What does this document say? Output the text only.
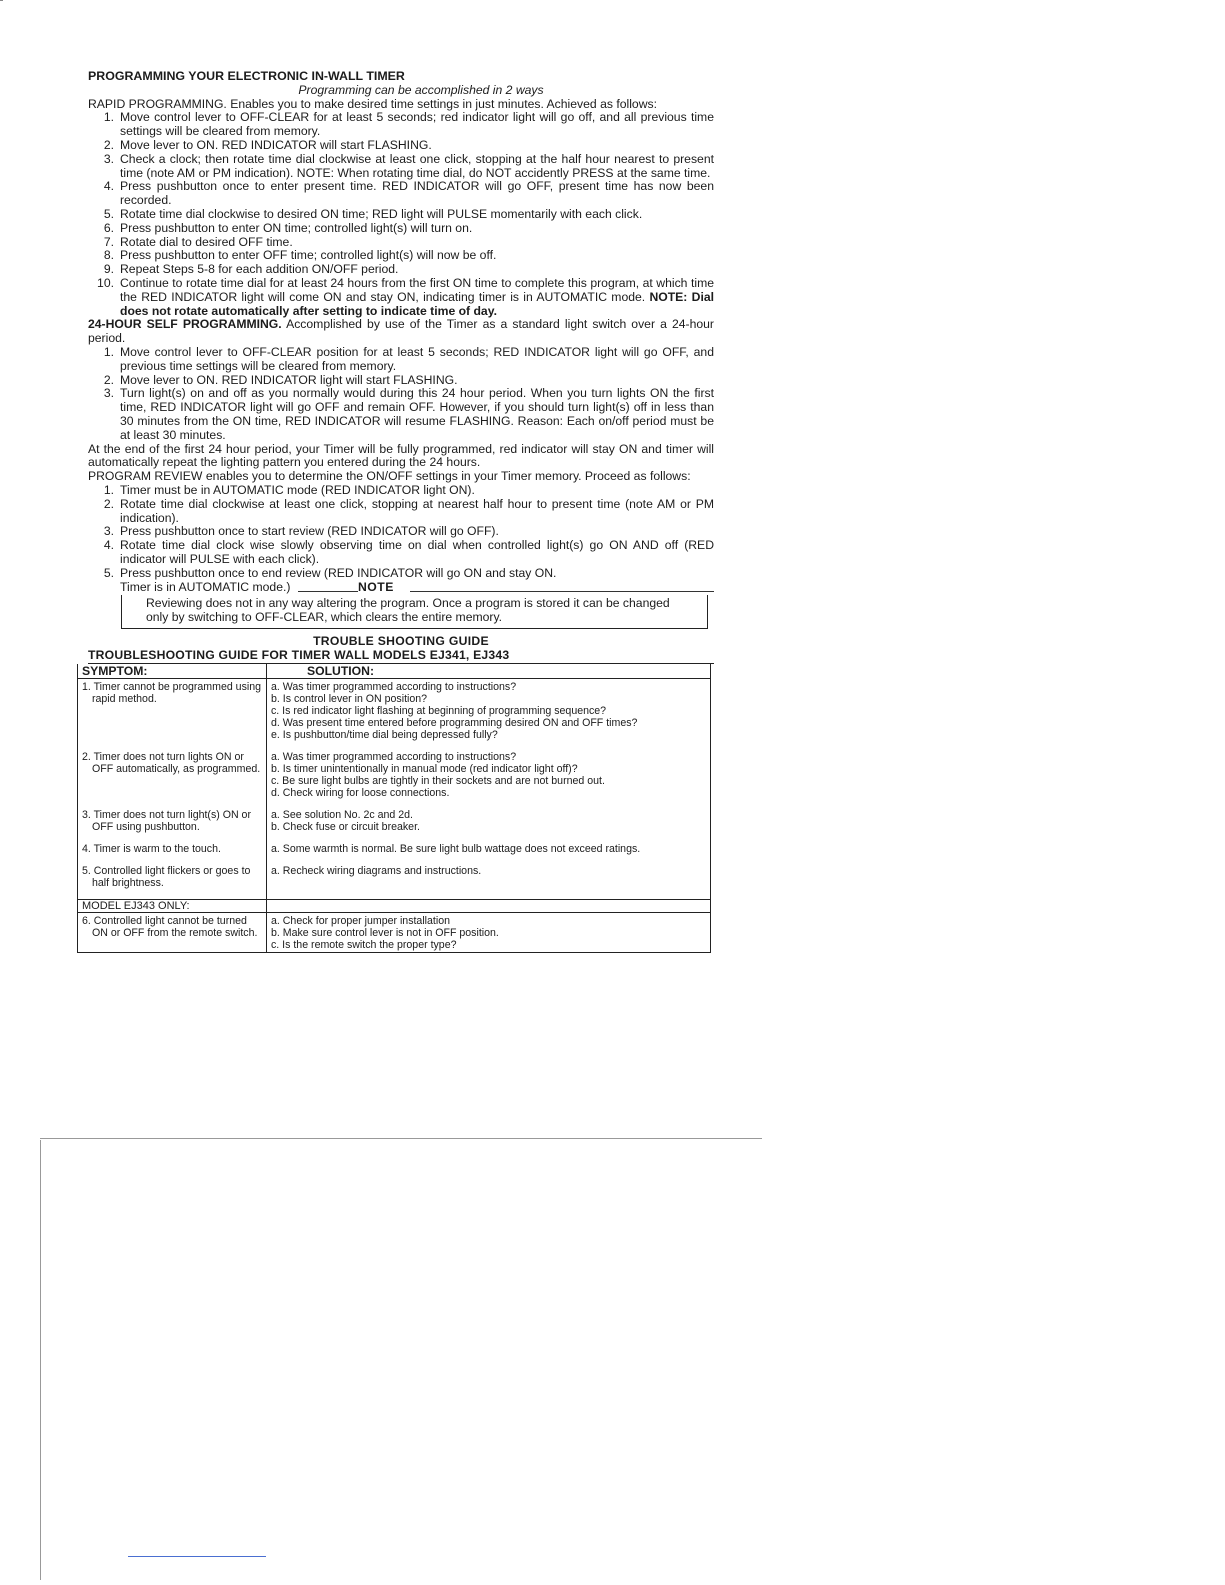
PROGRAMMING YOUR ELECTRONIC IN-WALL TIMER
Programming can be accomplished in 2 ways
RAPID PROGRAMMING. Enables you to make desired time settings in just minutes. Achieved as follows:
1. Move control lever to OFF-CLEAR for at least 5 seconds; red indicator light will go off, and all previous time settings will be cleared from memory.
2. Move lever to ON. RED INDICATOR will start FLASHING.
3. Check a clock; then rotate time dial clockwise at least one click, stopping at the half hour nearest to present time (note AM or PM indication). NOTE: When rotating time dial, do NOT accidently PRESS at the same time.
4. Press pushbutton once to enter present time. RED INDICATOR will go OFF, present time has now been recorded.
5. Rotate time dial clockwise to desired ON time; RED light will PULSE momentarily with each click.
6. Press pushbutton to enter ON time; controlled light(s) will turn on.
7. Rotate dial to desired OFF time.
8. Press pushbutton to enter OFF time; controlled light(s) will now be off.
9. Repeat Steps 5-8 for each addition ON/OFF period.
10. Continue to rotate time dial for at least 24 hours from the first ON time to complete this program, at which time the RED INDICATOR light will come ON and stay ON, indicating timer is in AUTOMATIC mode. NOTE: Dial does not rotate automatically after setting to indicate time of day.
24-HOUR SELF PROGRAMMING. Accomplished by use of the Timer as a standard light switch over a 24-hour period.
1. Move control lever to OFF-CLEAR position for at least 5 seconds; RED INDICATOR light will go OFF, and previous time settings will be cleared from memory.
2. Move lever to ON. RED INDICATOR light will start FLASHING.
3. Turn light(s) on and off as you normally would during this 24 hour period. When you turn lights ON the first time, RED INDICATOR light will go OFF and remain OFF. However, if you should turn light(s) off in less than 30 minutes from the ON time, RED INDICATOR will resume FLASHING. Reason: Each on/off period must be at least 30 minutes.
At the end of the first 24 hour period, your Timer will be fully programmed, red indicator will stay ON and timer will automatically repeat the lighting pattern you entered during the 24 hours.
PROGRAM REVIEW enables you to determine the ON/OFF settings in your Timer memory. Proceed as follows:
1. Timer must be in AUTOMATIC mode (RED INDICATOR light ON).
2. Rotate time dial clockwise at least one click, stopping at nearest half hour to present time (note AM or PM indication).
3. Press pushbutton once to start review (RED INDICATOR will go OFF).
4. Rotate time dial clock wise slowly observing time on dial when controlled light(s) go ON AND off (RED indicator will PULSE with each click).
5. Press pushbutton once to end review (RED INDICATOR will go ON and stay ON.
Timer is in AUTOMATIC mode.)	NOTE
Reviewing does not in any way altering the program. Once a program is stored it can be changed only by switching to OFF-CLEAR, which clears the entire memory.
TROUBLE SHOOTING GUIDE
TROUBLESHOOTING GUIDE FOR TIMER WALL MODELS EJ341, EJ343
SYMPTOM:	SOLUTION:

1. Timer cannot be programmed using rapid method.	a. Was timer programmed according to instructions?
b. Is control lever in ON position?
c. Is red indicator light flashing at beginning of programming sequence?
d. Was present time entered before programming desired ON and OFF times?
e. Is pushbutton/time dial being depressed fully?

2. Timer does not turn lights ON or OFF automatically, as programmed.	a. Was timer programmed according to instructions?
b. Is timer unintentionally in manual mode (red indicator light off)?
c. Be sure light bulbs are tightly in their sockets and are not burned out.
d. Check wiring for loose connections.

3. Timer does not turn light(s) ON or OFF using pushbutton.	a. See solution No. 2c and 2d.
b. Check fuse or circuit breaker.

4. Timer is warm to the touch.	a. Some warmth is normal. Be sure light bulb wattage does not exceed ratings.

5. Controlled light flickers or goes to half brightness.	a. Recheck wiring diagrams and instructions.

MODEL EJ343 ONLY:	

6. Controlled light cannot be turned ON or OFF from the remote switch.	a. Check for proper jumper installation
b. Make sure control lever is not in OFF position.
c. Is the remote switch the proper type?
